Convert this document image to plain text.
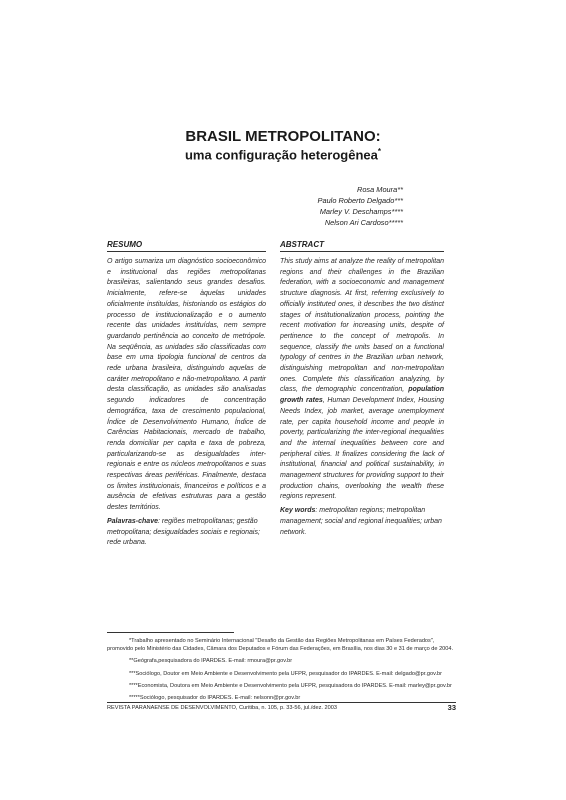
BRASIL METROPOLITANO:
uma configuração heterogênea*
Rosa Moura**
Paulo Roberto Delgado***
Marley V. Deschamps****
Nelson Ari Cardoso*****
RESUMO
O artigo sumariza um diagnóstico socioeconômico e institucional das regiões metropolitanas brasileiras, salientando seus grandes desafios. Inicialmente, refere-se àquelas unidades oficialmente instituídas, historiando os estágios do processo de institucionalização e o aumento recente das unidades instituídas, nem sempre guardando pertinência ao conceito de metrópole. Na seqüência, as unidades são classificadas com base em uma tipologia funcional de centros da rede urbana brasileira, distinguindo aquelas de caráter metropolitano e não-metropolitano. A partir desta classificação, as unidades são analisadas segundo indicadores de concentração demográfica, taxa de crescimento populacional, Índice de Desenvolvimento Humano, Índice de Carências Habitacionais, mercado de trabalho, renda domiciliar per capita e taxa de pobreza, particularizando-se as desigualdades inter-regionais e entre os núcleos metropolitanos e suas respectivas áreas periféricas. Finalmente, destaca os limites institucionais, financeiros e políticos e a ausência de efetivas estruturas para a gestão destes territórios.
Palavras-chave: regiões metropolitanas; gestão metropolitana; desigualdades sociais e regionais; rede urbana.
ABSTRACT
This study aims at analyze the reality of metropolitan regions and their challenges in the Brazilian federation, with a socioeconomic and management structure diagnosis. At first, referring exclusively to officially instituted ones, it describes the two distinct stages of institutionalization process, pointing the recent motivation for increasing units, despite of pertinence to the concept of metropolis. In sequence, classify the units based on a functional typology of centres in the Brazilian urban network, distinguishing metropolitan and non-metropolitan ones. Complete this classification analyzing, by class, the demographic concentration, population growth rates, Human Development Index, Housing Needs Index, job market, average unemployment rate, per capita household income and people in poverty, particularizing the inter-regional inequalities and the internal inequalities between core and peripheral cities. It finalizes considering the lack of institutional, financial and political sustainability, in management structures for providing support to their production chains, overlooking the wealth these regions represent.
Key words: metropolitan regions; metropolitan management; social and regional inequalities; urban network.
*Trabalho apresentado no Seminário Internacional "Desafio da Gestão das Regiões Metropolitanas em Países Federados", promovido pelo Ministério das Cidades, Câmara dos Deputados e Fórum das Federações, em Brasília, nos dias 30 e 31 de março de 2004.
**Geógrafa,pesquisadora do IPARDES. E-mail: rmoura@pr.gov.br
***Sociólogo, Doutor em Meio Ambiente e Desenvolvimento pela UFPR, pesquisador do IPARDES. E-mail: delgado@pr.gov.br
****Economista, Doutora em Meio Ambiente e Desenvolvimento pela UFPR, pesquisadora do IPARDES. E-mail: marley@pr.gov.br
*****Sociólogo, pesquisador do IPARDES. E-mail: nelsonn@pr.gov.br
REVISTA PARANAENSE DE DESENVOLVIMENTO, Curitiba, n. 105, p. 33-56, jul./dez. 2003	33
